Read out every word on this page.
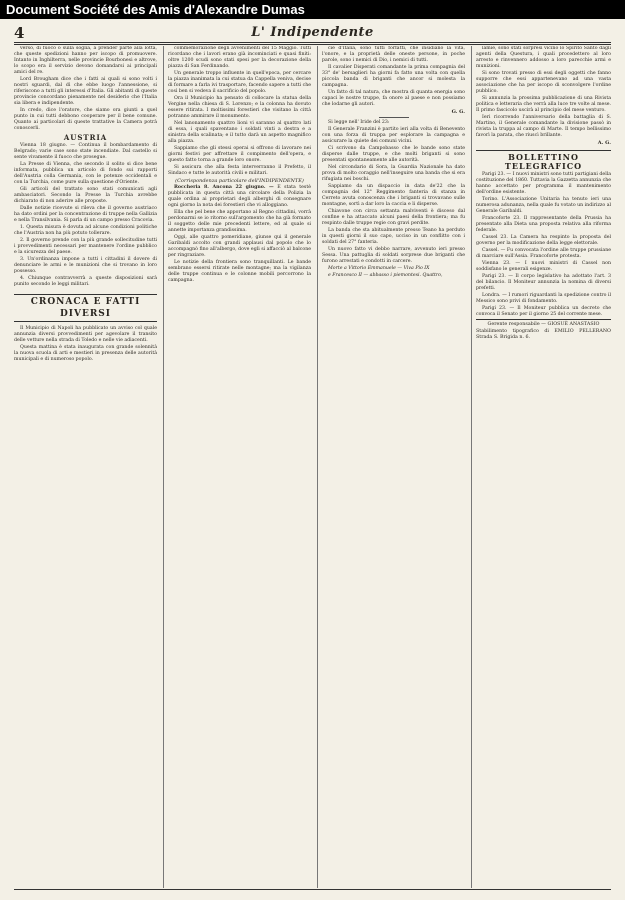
Document Société des Amis d'Alexandre Dumas
4	L' Indipendente

verso, di fuoco o sulla soglia, a prender parte alla lotta, che queste spedizioni hanno per iscopo di promuovere. Intanto in Inghilterra, nelle provincie Bourbonesi e altrove, lo scopo era il servizio devono domandarsi ai principali amici del re.

Lord Brougham dice che i fatti ai quali si sono volti i nostri sguardi, dal dì che ebbe luogo l'annessione, si riferiscono a tutti gli interessi d'Italia. Gli abitanti di queste provincie concordano pienamente nel desiderio che l'Italia sia libera e indipendente.

In credo, dice l'oratore, che siamo ora giunti a quel punto in cui tutti debbono cooperare per il bene comune. Quanto ai particolari di queste trattative la Camera potrà conoscerli.

AUSTRIA

Vienna 18 giugno. — Continua il bombardamento di Belgrado; varie case sono state incendiate. Dal castello si sente vivamente il fuoco che prosegue.

La Presse di Vienna, che secondo il solito si dice bene informata, pubblica un articolo di fondo sui rapporti dell'Austria colla Germania, con le potenze occidentali e con la Turchia, come pure sulla questione d'Oriente.

Gli articoli del trattato sono stati comunicati agli ambasciatori. Secondo la Presse la Turchia avrebbe dichiarato di non aderire alle proposte.

Dalle notizie ricevute si rileva che il governo austriaco ha dato ordini per la concentrazione di truppe nella Gallizia e nella Transilvania. Si parla di un campo presso Cracovia.

1. Questa misura è dovuta ad alcune condizioni politiche che l'Austria non ha più potuto tollerare.

2. Il governo prende con la più grande sollecitudine tutti i provvedimenti necessari per mantenere l'ordine pubblico e la sicurezza del paese.

3. Un'ordinanza impone a tutti i cittadini il dovere di denunciare le armi e le munizioni che si trovano in loro possesso.

4. Chiunque contravverrà a queste disposizioni sarà punito secondo le leggi militari.

CRONACA E FATTI DIVERSI

Il Municipio di Napoli ha pubblicato un avviso col quale annunzia diversi provvedimenti per agevolare il transito delle vetture nella strada di Toledo e nelle vie adiacenti.

Questa mattina è stata inaugurata con grande solennità la nuova scuola di arti e mestieri in presenza delle autorità municipali e di numeroso popolo.

commemorazione degli avvenimenti del 15 Maggio. Tutti ricordano che i lavori erano già incominciati e quasi finiti: oltre 1200 scudi sono stati spesi per la decorazione della piazza di San Ferdinando.

Un generale troppo influente in quell'epoca, per cercare la piazza inanimata la cui statua da Cappella veniva, decise di formare a farla ivi trasportare, facendo sapere a tutti che così ben si vedeva il sacrificio del popolo.

Ora il Municipio ha pensato di collocare la statua della Vergine nella chiesa di S. Lorenzo; e la colonna ha dovuto essere ritirata. I moltissimi forestieri che visitano la città potranno ammirare il monumento.

Nel lanonamento quattro lioni vi saranno al quattro lati di essa, i quali spaventano i soldati vinti a destra e a sinistra della scalinata; e il tutto darà un aspetto magnifico alla piazza.

Sappiamo che gli stessi operai si offrono di lavorare nei giorni festivi per affrettare il compimento dell'opera, e questo fatto torna a grande loro onore.

Si assicura che alla festa interverranno il Prefetto, il Sindaco e tutte le autorità civili e militari.

(Corrispondenza particolare dell'INDIPENDENTE)

Roccheria 8. Ancona 22 giugno. — E stata testè pubblicata in questa città una circolare della Polizia la quale ordina ai proprietari degli alberghi di consegnare ogni giorno la nota dei forestieri che vi alloggiano.

Ella che pel bene che apportano al Regno cittadini, vorrà perdonarmi se io ritorno sull'argomento che ha già formato il soggetto delle mie precedenti lettere, ed al quale si annette importanza grandissima.

Oggi, alle quattro pomeridiane, giunse qui il generale Garibaldi accolto con grandi applausi dal popolo che lo accompagnò fino all'albergo, dove egli si affacciò al balcone per ringraziare.

Le notizie della frontiera sono tranquillanti. Le bande sembrano essersi ritirate nelle montagne; ma la vigilanza delle truppe continua e le colonne mobili percorrono la campagna.

cie d'Italia, sono tutti forfatti, che insidiano la vita, l'onore, e la proprietà delle oneste persone, in poche parole, sono i nemici di Dio, i nemici di tutti.

Il cavalier Disperati comandante la prima compagnia del 33° de' bersaglieri ha giorni fa fatto una volta con quella piccola banda di briganti che ancor si molesta la campagna.

Un fatto di tal natura, che mostra di quanta energia sono capaci le nostre truppe, fa onore al paese e non possiamo che lodarne gli autori.

G. G.

Si legge nell' Iride del 23:

Il Generale Franzini è partito ieri alla volta di Benevento con una forza di truppa per esplorare la campagna e assicurare la quiete dei comuni vicini.

Ci scrivono da Campobasso che le bande sono state disperse dalle truppe, e che molti briganti si sono presentati spontaneamente alle autorità.

Nel circondario di Sora, la Guardia Nazionale ha dato prova di molto coraggio nell'inseguire una banda che si era rifugiata nei boschi.

Sappiamo da un dispaccio in data de'22 che la compagnia del 12° Reggimento fanteria di stanza in Cerreto avuta conoscenza che i briganti si trovavano sulle montagne, sortì a dar loro la caccia e li disperse.

Chiavone con circa settanta malviventi è disceso dal confine e ha attaccato alcuni paesi della frontiera; ma fu respinto dalle truppe regie con gravi perdite.

La banda che sta abitualmente presso Teano ha perduto in questi giorni il suo capo, ucciso in un conflitto con i soldati del 27° fanteria.

Un nuovo fatto vi debbo narrare, avvenuto ieri presso Sessa. Una pattuglia di soldati sorprese due briganti che furono arrestati e condotti in carcere.

Morte a Vittorio Emmanuele — Viva Pio IX

e Francesco II — abbasso i piemontesi. Quattro,

lamie, sono stati sorpresi vicino lo Spirito Santo dagli agenti della Questura, i quali procedettero al loro arresto e rinvennero addosso a loro parecchie armi e munizioni.

Si sono trovati presso di essi degli oggetti che fanno supporre che essi appartenevano ad una vasta associazione che ha per iscopo di sconvolgere l'ordine pubblico.

Si annunzia la prossima pubblicazione di una Rivista politica e letteraria che verrà alla luce tre volte al mese. Il primo fascicolo uscirà al principio del mese venturo.

Ieri ricorrendo l'anniversario della battaglia di S. Martino, il Generale comandante la divisione passò in rivista la truppa al campo di Marte. Il tempo bellissimo favorì la parata, che riuscì brillante.

A. G.

BOLLETTINO TELEGRAFICO

Parigi 23. — I nuovi ministri sono tutti partigiani della costituzione del 1860. Tuttavia la Gazzetta annunzia che hanno accettato per programma il mantenimento dell'ordine esistente.

Torino. L'Associazione Unitaria ha tenuto ieri una numerosa adunanza, nella quale fu votato un indirizzo al Generale Garibaldi.

Francoforte 23. Il rappresentante della Prussia ha presentato alla Dieta una proposta relativa alla riforma federale.

Cassel 23. La Camera ha respinto la proposta del governo per la modificazione della legge elettorale.

Cassel. — Fu convocata l'ordine alle truppe prussiane di marciare sull'Assia. Francoforte protesta.

Vienna 23. — I nuovi ministri di Cassel non soddisfano le generali esigenze.

Parigi 23. — Il corpo legislativo ha adottato l'art. 3 del bilancio. Il Moniteur annunzia la nomina di diversi prefetti.

Londra. — I rumori riguardanti la spedizione contro il Messico sono privi di fondamento.

Parigi 23. — Il Moniteur pubblica un decreto che convoca il Senato per il giorno 25 del corrente mese.

Gerente responsabile — GIOSUÈ ANASTASIO

Stabilimento tipografico di EMILIO PELLERANO Strada S. Brigida n. 6.
